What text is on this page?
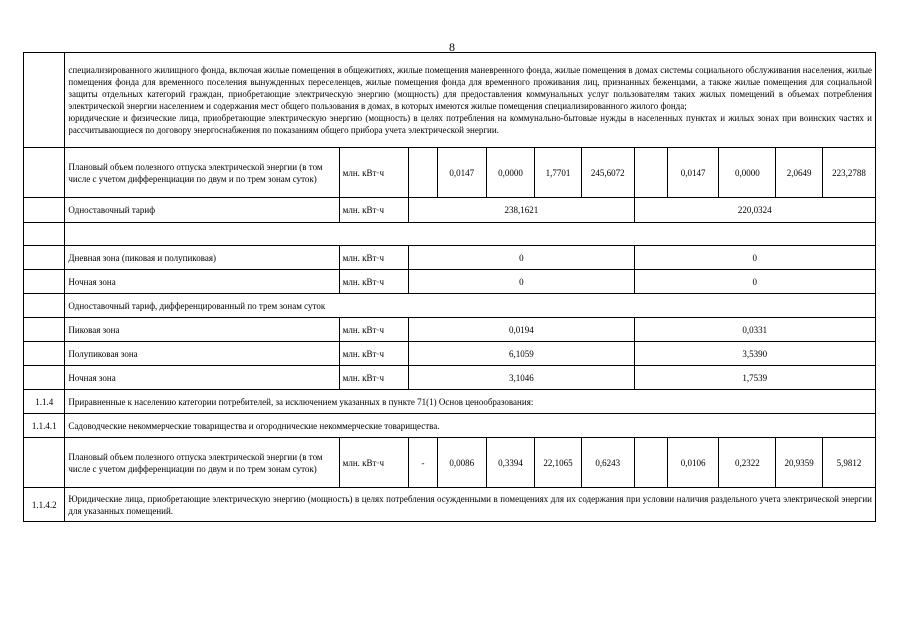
8

	специализированного жилищного фонда, включая жилые помещения в общежитиях, жилые помещения маневренного фонда, жилые помещения в домах системы социального обслуживания населения, жилые помещения фонда для временного поселения вынужденных переселенцев, жилые помещения фонда для временного проживания лиц, признанных беженцами, а также жилые помещения для социальной защиты отдельных категорий граждан, приобретающие электрическую энергию (мощность) для предоставления коммунальных услуг пользователям таких жилых помещений в объемах потребления электрической энергии населением и содержания мест общего пользования в домах, в которых имеются жилые помещения специализированного жилого фонда;
юридические и физические лица, приобретающие электрическую энергию (мощность) в целях потребления на коммунально-бытовые нужды в населенных пунктах и жилых зонах при воинских частях и рассчитывающиеся по договору энергоснабжения по показаниям общего прибора учета электрической энергии.											

	Плановый объем полезного отпуска электрической энергии (в том числе с учетом дифференциации по двум и по трем зонам суток)	млн. кВт·ч		0,0147	0,0000	1,7701	245,6072		0,0147	0,0000	2,0649	223,2788
	Одноставочный тариф	млн. кВт·ч	238,1621					220,0324				

	Дневная зона (пиковая и полупиковая)	млн. кВт·ч	0					0				
	Ночная зона	млн. кВт·ч	0					0				
	Одноставочный тариф, дифференцированный по трем зонам суток											
	Пиковая зона	млн. кВт·ч	0,0194					0,0331				
	Полупиковая зона	млн. кВт·ч	6,1059					3,5390				
	Ночная зона	млн. кВт·ч	3,1046					1,7539				
1.1.4	Приравненные к населению категории потребителей, за исключением указанных в пункте 71(1) Основ ценообразования:											
1.1.4.1	Садоводческие некоммерческие товарищества и огороднические некоммерческие товарищества.											
	Плановый объем полезного отпуска электрической энергии (в том числе с учетом дифференциации по двум и по трем зонам суток)	млн. кВт·ч	-	0,0086	0,3394	22,1065	0,6243		0,0106	0,2322	20,9359	5,9812
1.1.4.2	Юридические лица, приобретающие электрическую энергию (мощность) в целях потребления осужденными в помещениях для их содержания при условии наличия раздельного учета электрической энергии для указанных помещений.											
